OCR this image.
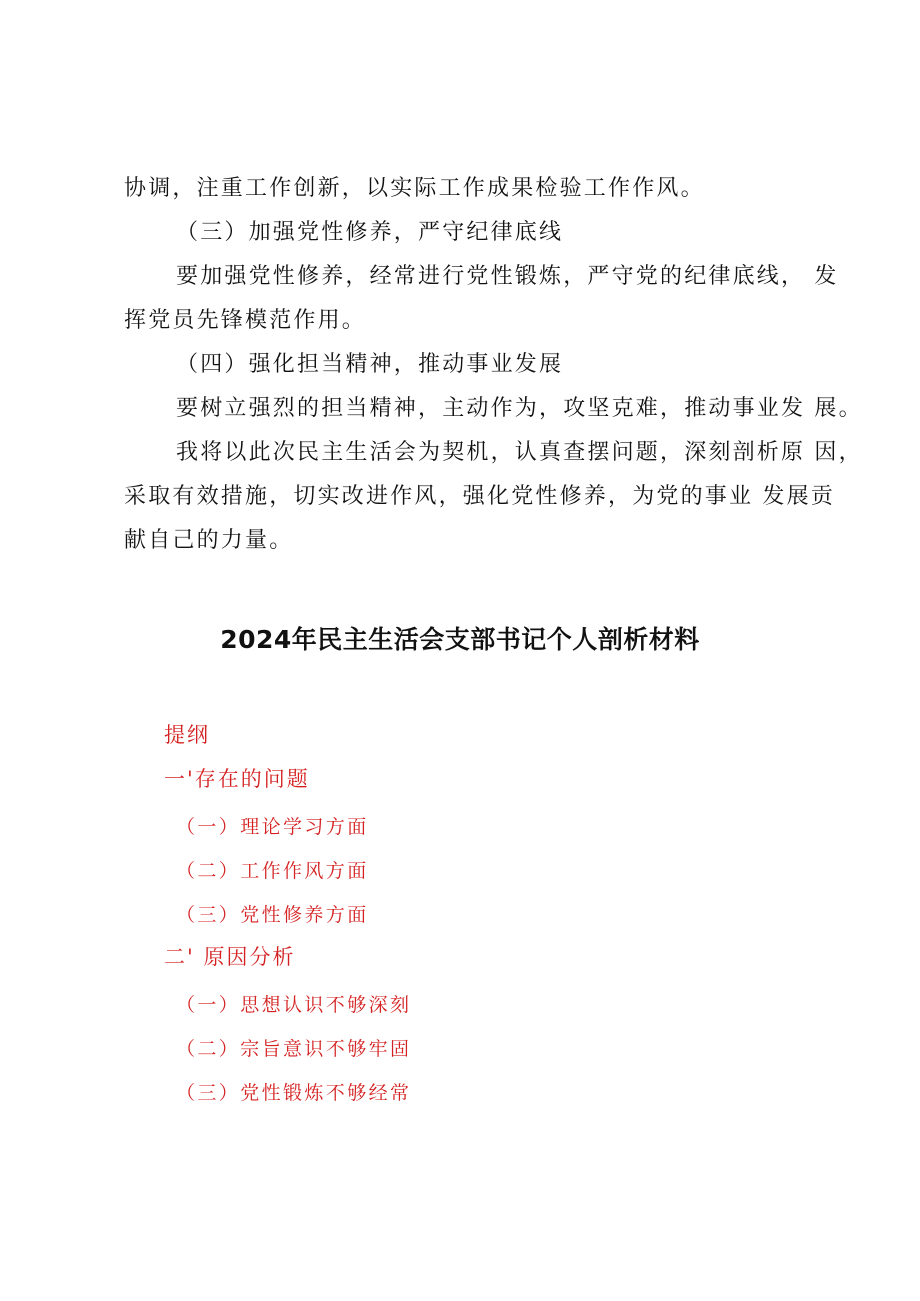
协调，注重工作创新，以实际工作成果检验工作作风。

（三）加强党性修养，严守纪律底线

要加强党性修养，经常进行党性锻炼，严守党的纪律底线， 发

挥党员先锋模范作用。

（四）强化担当精神，推动事业发展

要树立强烈的担当精神，主动作为，攻坚克难，推动事业发 展。

我将以此次民主生活会为契机，认真查摆问题，深刻剖析原 因，

采取有效措施，切实改进作风，强化党性修养，为党的事业 发展贡

献自己的力量。

2024年民主生活会支部书记个人剖析材料

提纲

一'存在的问题

（一）理论学习方面

（二）工作作风方面

（三）党性修养方面

二' 原因分析

（一）思想认识不够深刻

（二）宗旨意识不够牢固

（三）党性锻炼不够经常
